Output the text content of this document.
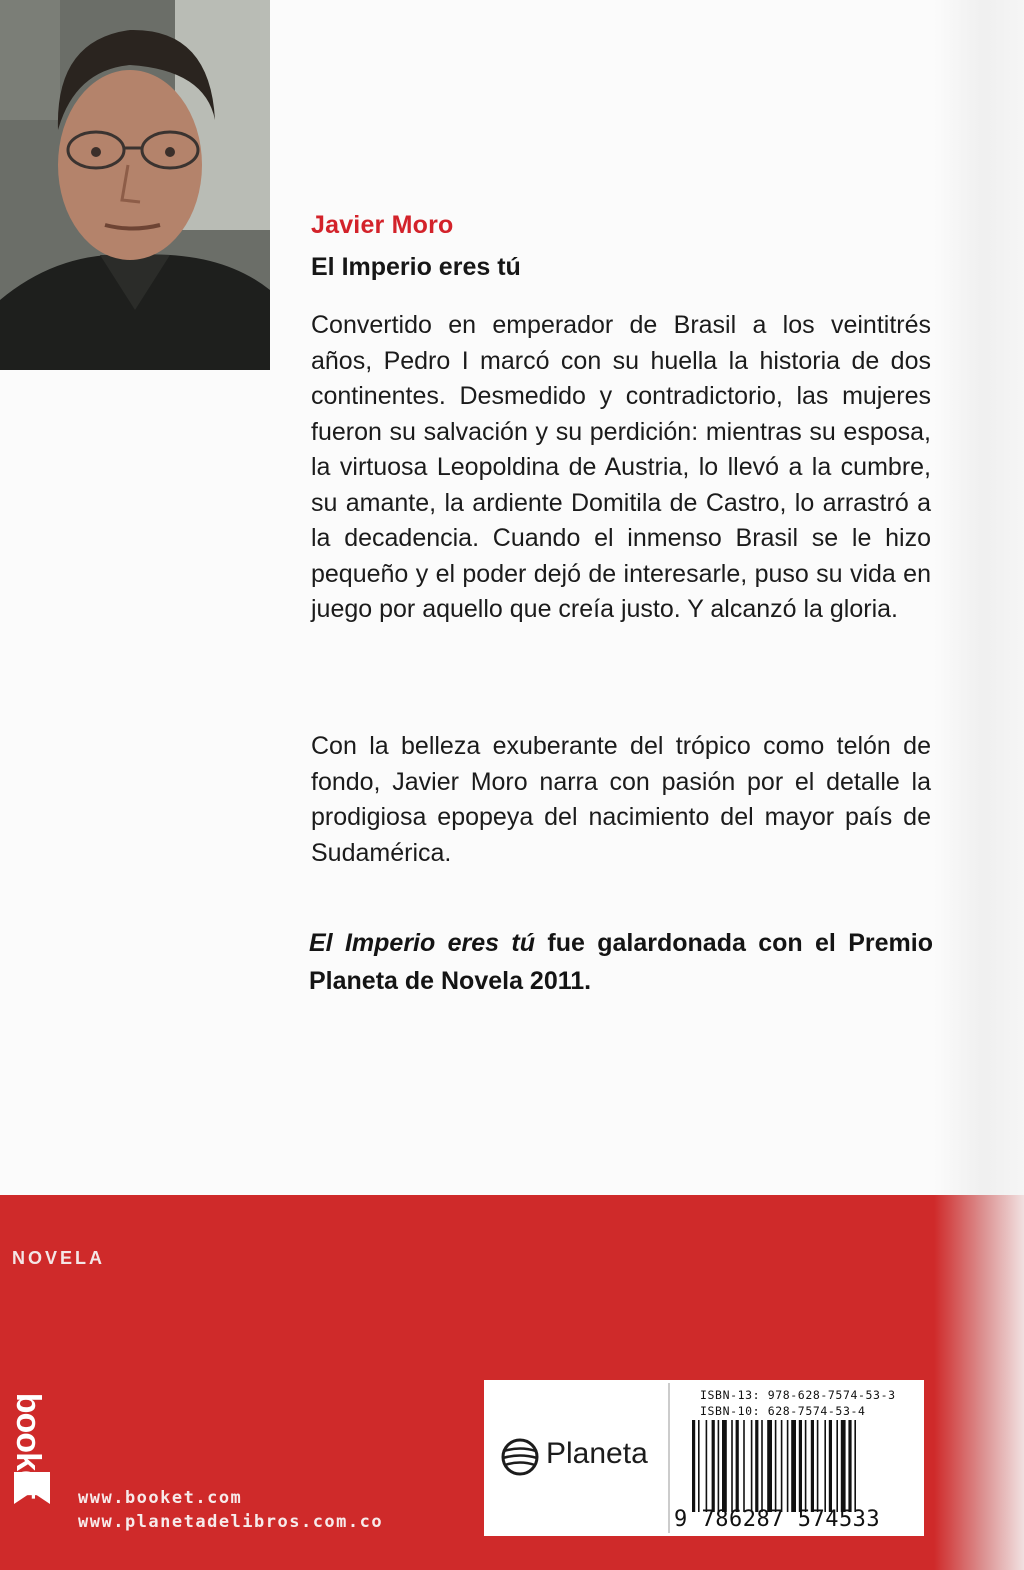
Javier Moro
El Imperio eres tú

Convertido en emperador de Brasil a los veintitrés años, Pedro I marcó con su huella la historia de dos continentes. Desmedido y contradictorio, las mujeres fueron su salvación y su perdición: mientras su esposa, la virtuosa Leopoldina de Austria, lo llevó a la cumbre, su amante, la ardiente Domitila de Castro, lo arrastró a la decadencia. Cuando el inmenso Brasil se le hizo pequeño y el poder dejó de interesarle, puso su vida en juego por aquello que creía justo. Y alcanzó la gloria.

Con la belleza exuberante del trópico como telón de fondo, Javier Moro narra con pasión por el detalle la prodigiosa epopeya del nacimiento del mayor país de Sudamérica.

El Imperio eres tú fue galardonada con el Premio Planeta de Novela 2011.

NOVELA
booket www.booket.com
www.planetadelibros.com.co
Planeta
ISBN-13: 978-628-7574-53-3
ISBN-10: 628-7574-53-4
9 786287 574533
